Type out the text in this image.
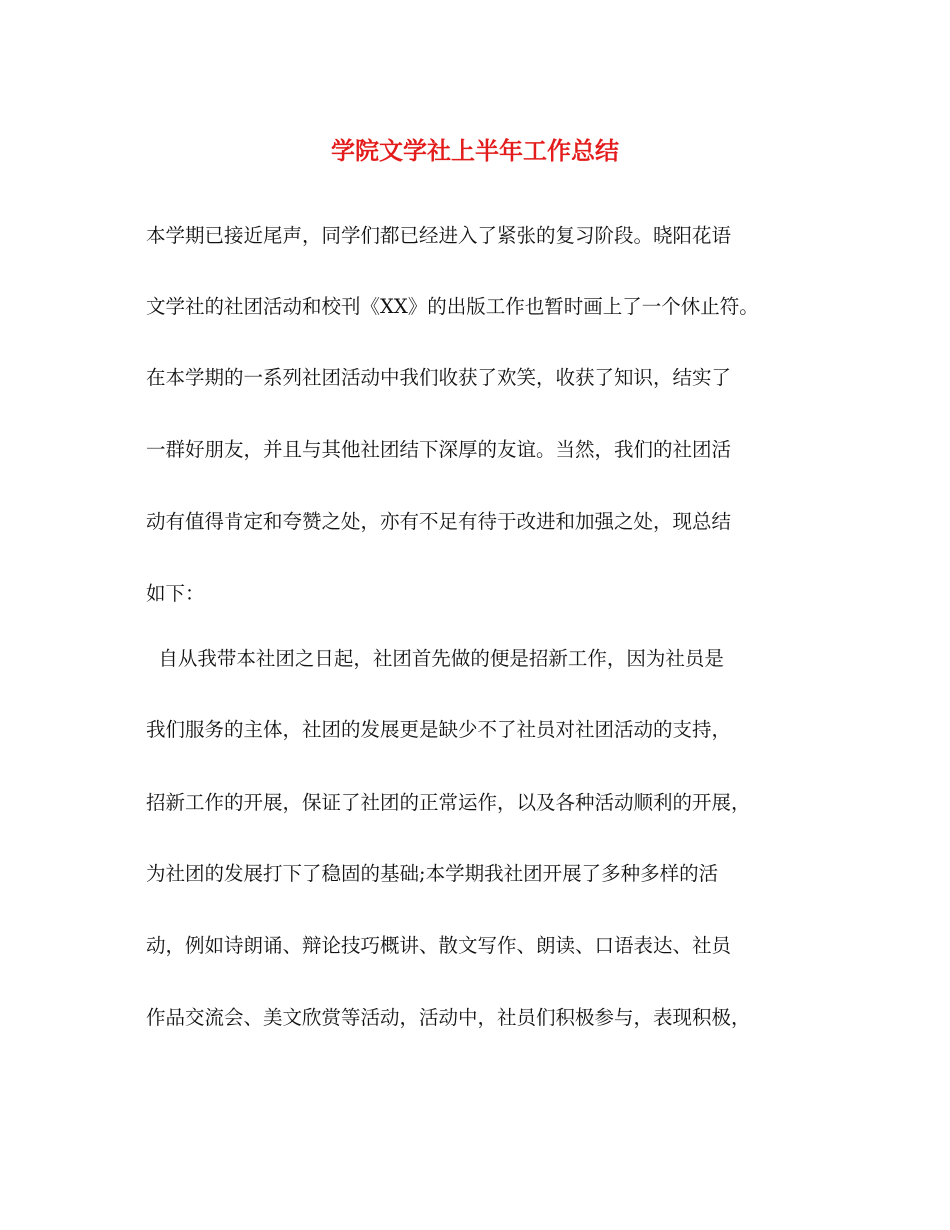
学院文学社上半年工作总结

本学期已接近尾声，同学们都已经进入了紧张的复习阶段。晓阳花语

文学社的社团活动和校刊《XX》的出版工作也暂时画上了一个休止符。

在本学期的一系列社团活动中我们收获了欢笑，收获了知识，结实了

一群好朋友，并且与其他社团结下深厚的友谊。当然，我们的社团活

动有值得肯定和夸赞之处，亦有不足有待于改进和加强之处，现总结

如下：

自从我带本社团之日起，社团首先做的便是招新工作，因为社员是

我们服务的主体，社团的发展更是缺少不了社员对社团活动的支持，

招新工作的开展，保证了社团的正常运作，以及各种活动顺利的开展，

为社团的发展打下了稳固的基础;本学期我社团开展了多种多样的活

动，例如诗朗诵、辩论技巧概讲、散文写作、朗读、口语表达、社员

作品交流会、美文欣赏等活动，活动中，社员们积极参与，表现积极，
